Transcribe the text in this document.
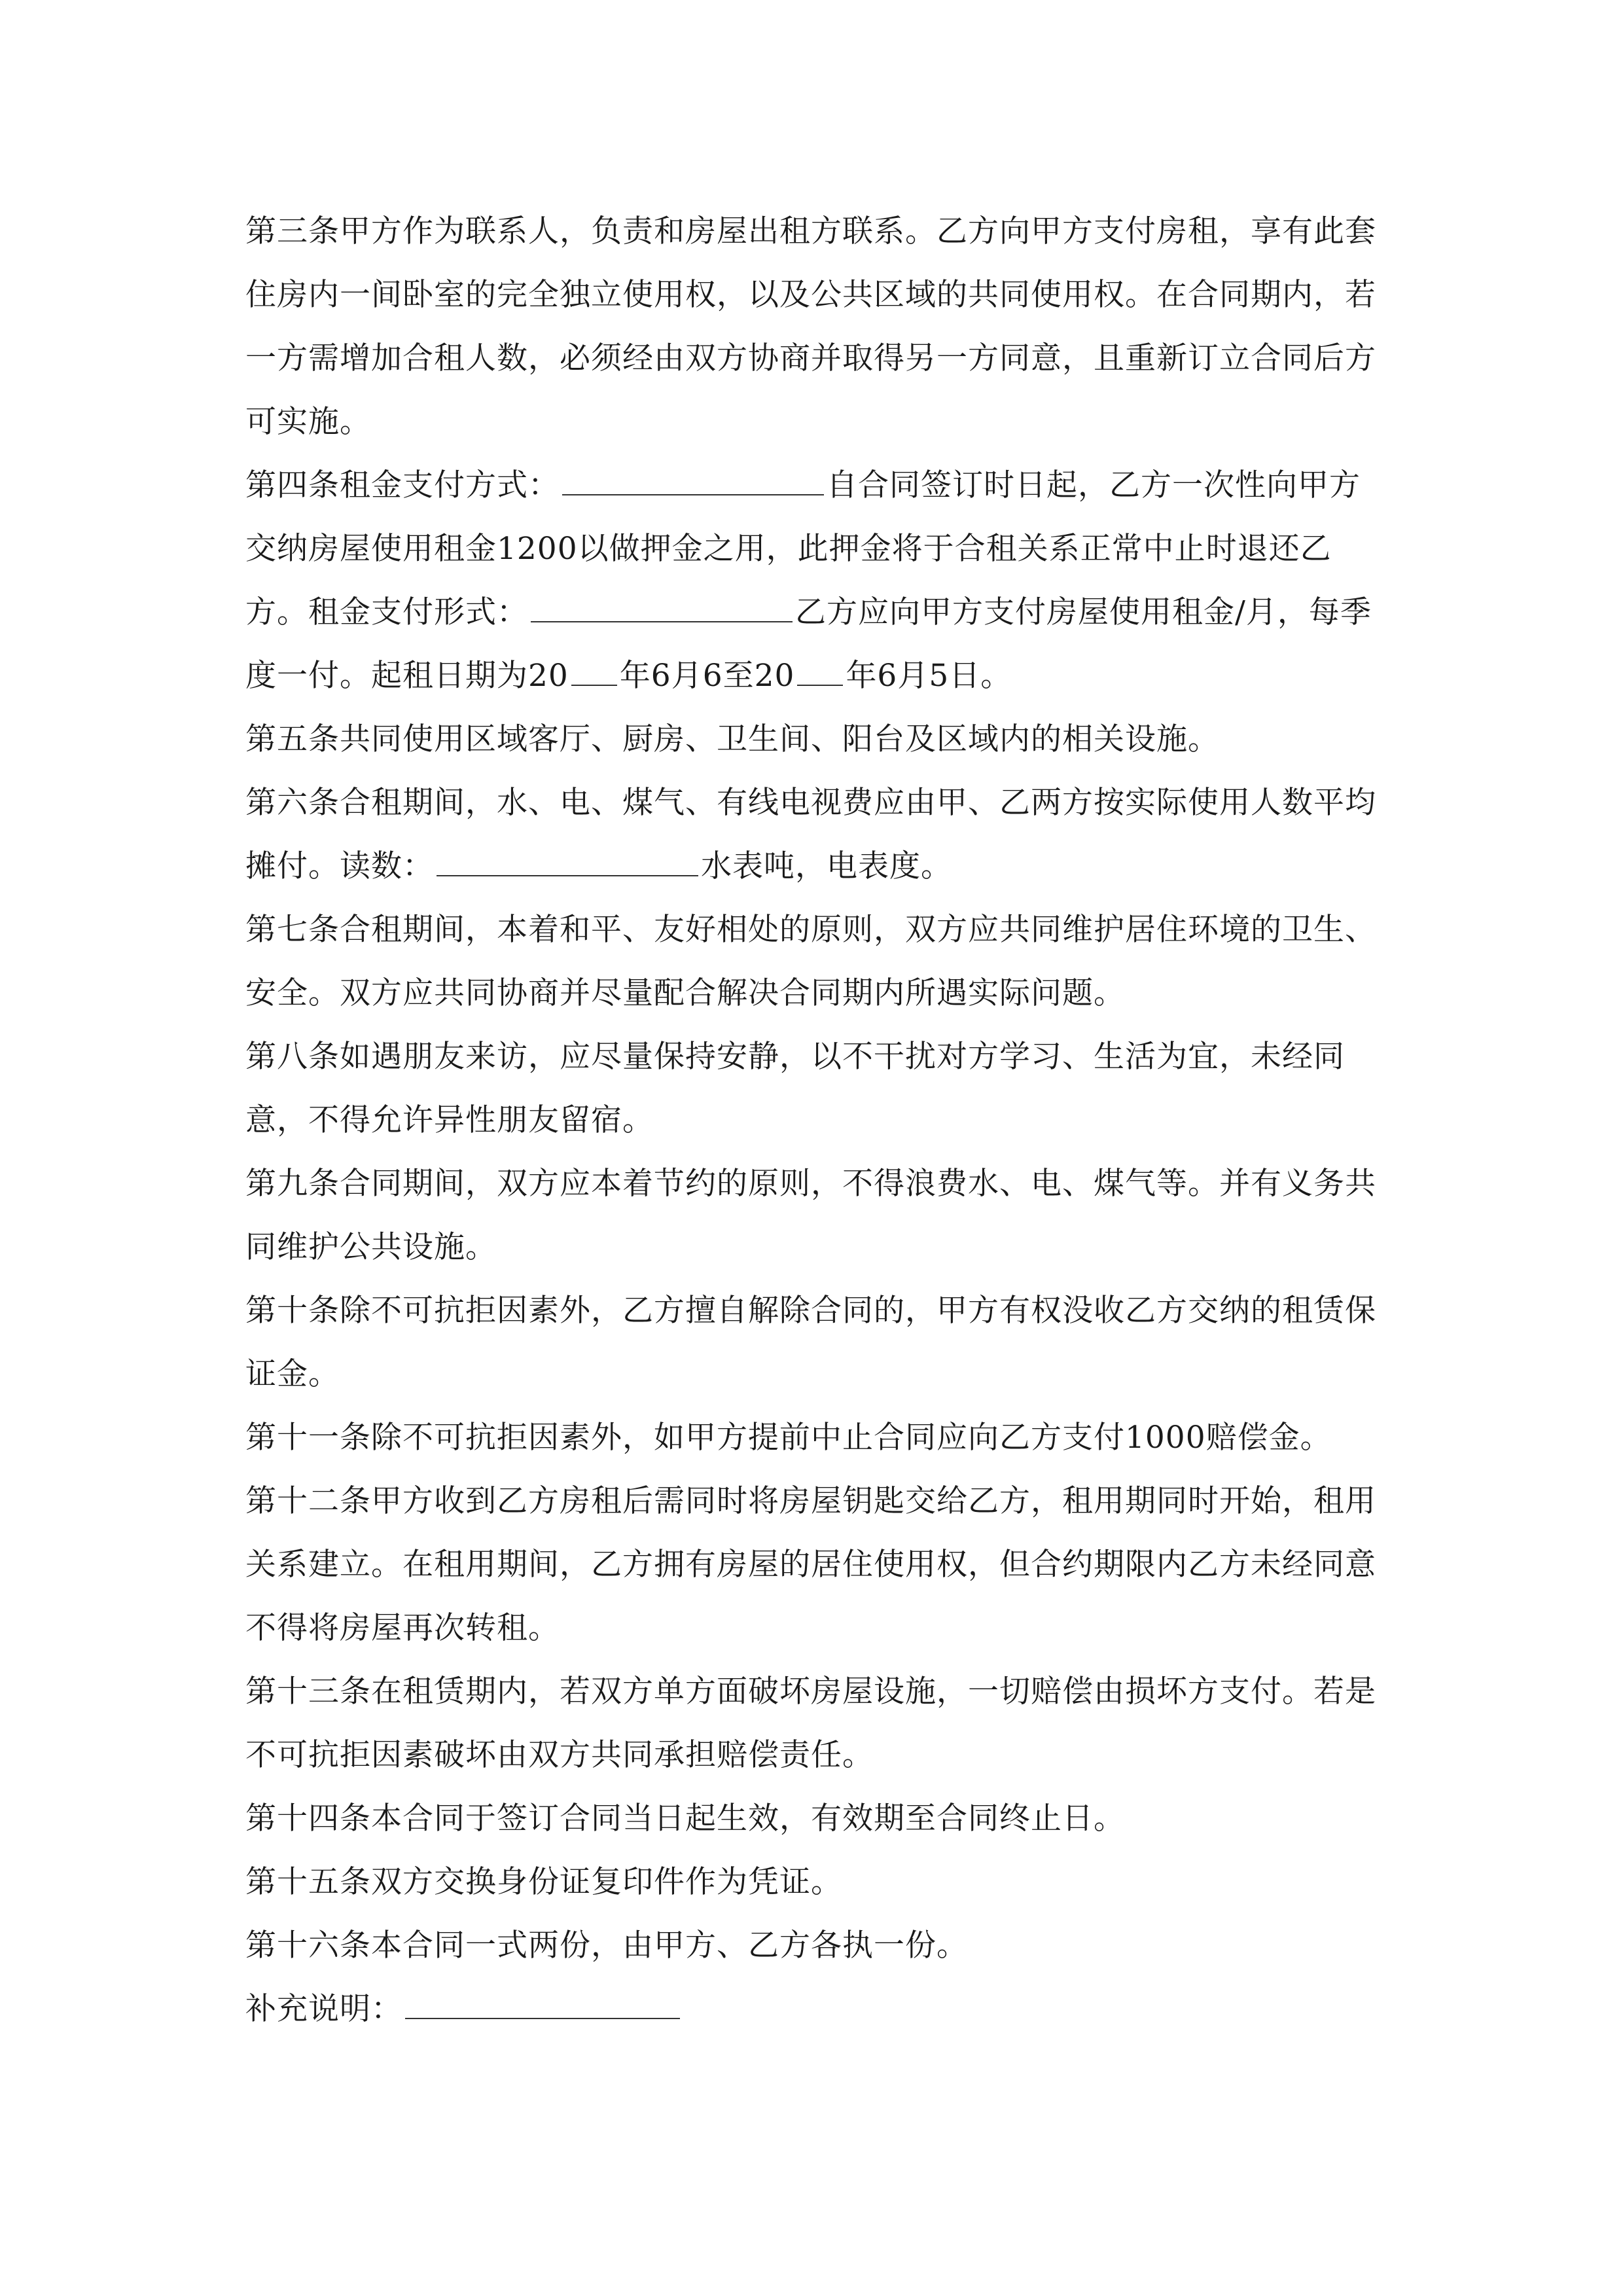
第三条甲方作为联系人，负责和房屋出租方联系。乙方向甲方支付房租，享有此套住房内一间卧室的完全独立使用权，以及公共区域的共同使用权。在合同期内，若一方需增加合租人数，必须经由双方协商并取得另一方同意，且重新订立合同后方可实施。

第四条租金支付方式：	自合同签订时日起，乙方一次性向甲方交纳房屋使用租金1200以做押金之用，此押金将于合租关系正常中止时退还乙方。租金支付形式：	乙方应向甲方支付房屋使用租金/月，每季度一付。起租日期为20 年6月6至20 年6月5日。

第五条共同使用区域客厅、厨房、卫生间、阳台及区域内的相关设施。

第六条合租期间，水、电、煤气、有线电视费应由甲、乙两方按实际使用人数平均摊付。读数：	水表吨，电表度。

第七条合租期间，本着和平、友好相处的原则，双方应共同维护居住环境的卫生、安全。双方应共同协商并尽量配合解决合同期内所遇实际问题。

第八条如遇朋友来访，应尽量保持安静，以不干扰对方学习、生活为宜，未经同意，不得允许异性朋友留宿。

第九条合同期间，双方应本着节约的原则，不得浪费水、电、煤气等。并有义务共同维护公共设施。

第十条除不可抗拒因素外，乙方擅自解除合同的，甲方有权没收乙方交纳的租赁保证金。

第十一条除不可抗拒因素外，如甲方提前中止合同应向乙方支付1000赔偿金。

第十二条甲方收到乙方房租后需同时将房屋钥匙交给乙方，租用期同时开始，租用关系建立。在租用期间，乙方拥有房屋的居住使用权，但合约期限内乙方未经同意不得将房屋再次转租。

第十三条在租赁期内，若双方单方面破坏房屋设施，一切赔偿由损坏方支付。若是不可抗拒因素破坏由双方共同承担赔偿责任。

第十四条本合同于签订合同当日起生效，有效期至合同终止日。

第十五条双方交换身份证复印件作为凭证。

第十六条本合同一式两份，由甲方、乙方各执一份。

补充说明：
